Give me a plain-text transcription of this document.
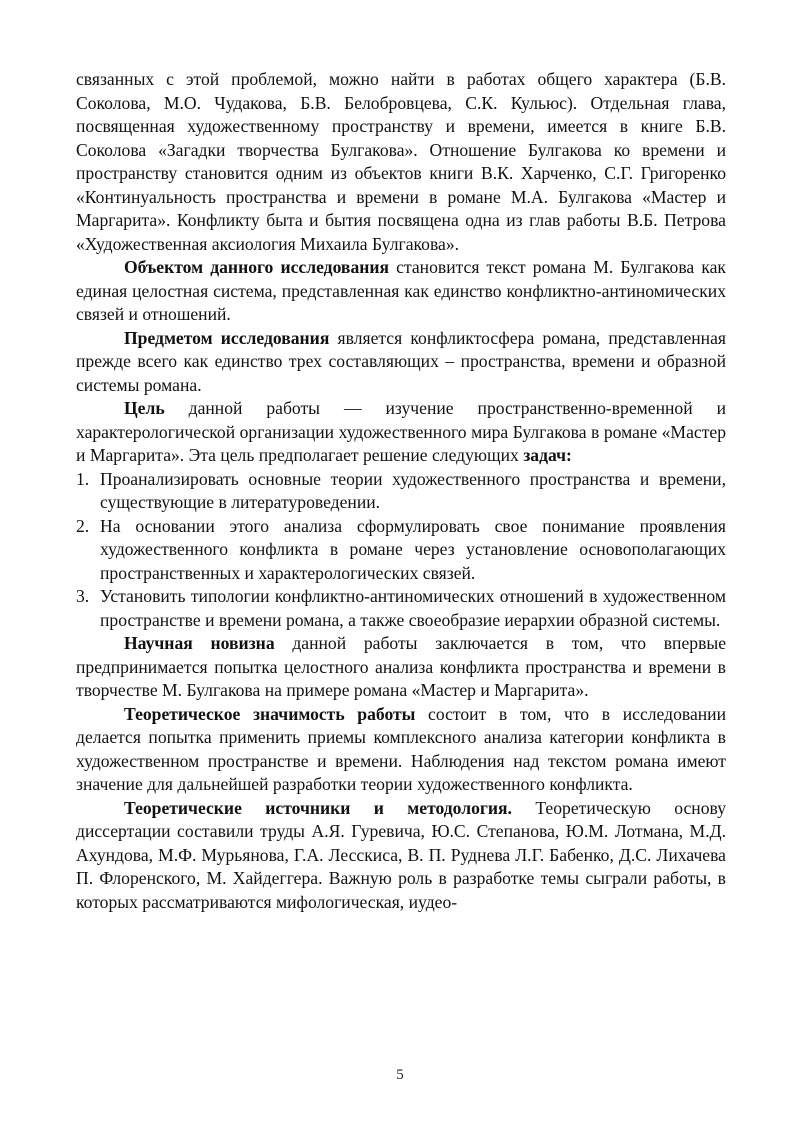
связанных с этой проблемой, можно найти в работах общего характера (Б.В. Соколова, М.О. Чудакова, Б.В. Белобровцева, С.К. Кульюс). Отдельная глава, посвященная художественному пространству и времени, имеется в книге Б.В. Соколова «Загадки творчества Булгакова». Отношение Булгакова ко времени и пространству становится одним из объектов книги В.К. Харченко, С.Г. Григоренко «Континуальность пространства и времени в романе М.А. Булгакова «Мастер и Маргарита». Конфликту быта и бытия посвящена одна из глав работы В.Б. Петрова «Художественная аксиология Михаила Булгакова».

Объектом данного исследования становится текст романа М. Булгакова как единая целостная система, представленная как единство конфликтно-антиномических связей и отношений.

Предметом исследования является конфликтосфера романа, представленная прежде всего как единство трех составляющих – пространства, времени и образной системы романа.

Цель данной работы — изучение пространственно-временной и характерологической организации художественного мира Булгакова в романе «Мастер и Маргарита». Эта цель предполагает решение следующих задач:

1. Проанализировать основные теории художественного пространства и времени, существующие в литературоведении.
2. На основании этого анализа сформулировать свое понимание проявления художественного конфликта в романе через установление основополагающих пространственных и характерологических связей.
3. Установить типологии конфликтно-антиномических отношений в художественном пространстве и времени романа, а также своеобразие иерархии образной системы.

Научная новизна данной работы заключается в том, что впервые предпринимается попытка целостного анализа конфликта пространства и времени в творчестве М. Булгакова на примере романа «Мастер и Маргарита».

Теоретическое значимость работы состоит в том, что в исследовании делается попытка применить приемы комплексного анализа категории конфликта в художественном пространстве и времени. Наблюдения над текстом романа имеют значение для дальнейшей разработки теории художественного конфликта.

Теоретические источники и методология. Теоретическую основу диссертации составили труды А.Я. Гуревича, Ю.С. Степанова, Ю.М. Лотмана, М.Д. Ахундова, М.Ф. Мурьянова, Г.А. Лесскиса, В. П. Руднева Л.Г. Бабенко, Д.С. Лихачева П. Флоренского, М. Хайдеггера. Важную роль в разработке темы сыграли работы, в которых рассматриваются мифологическая, иудео-

5
